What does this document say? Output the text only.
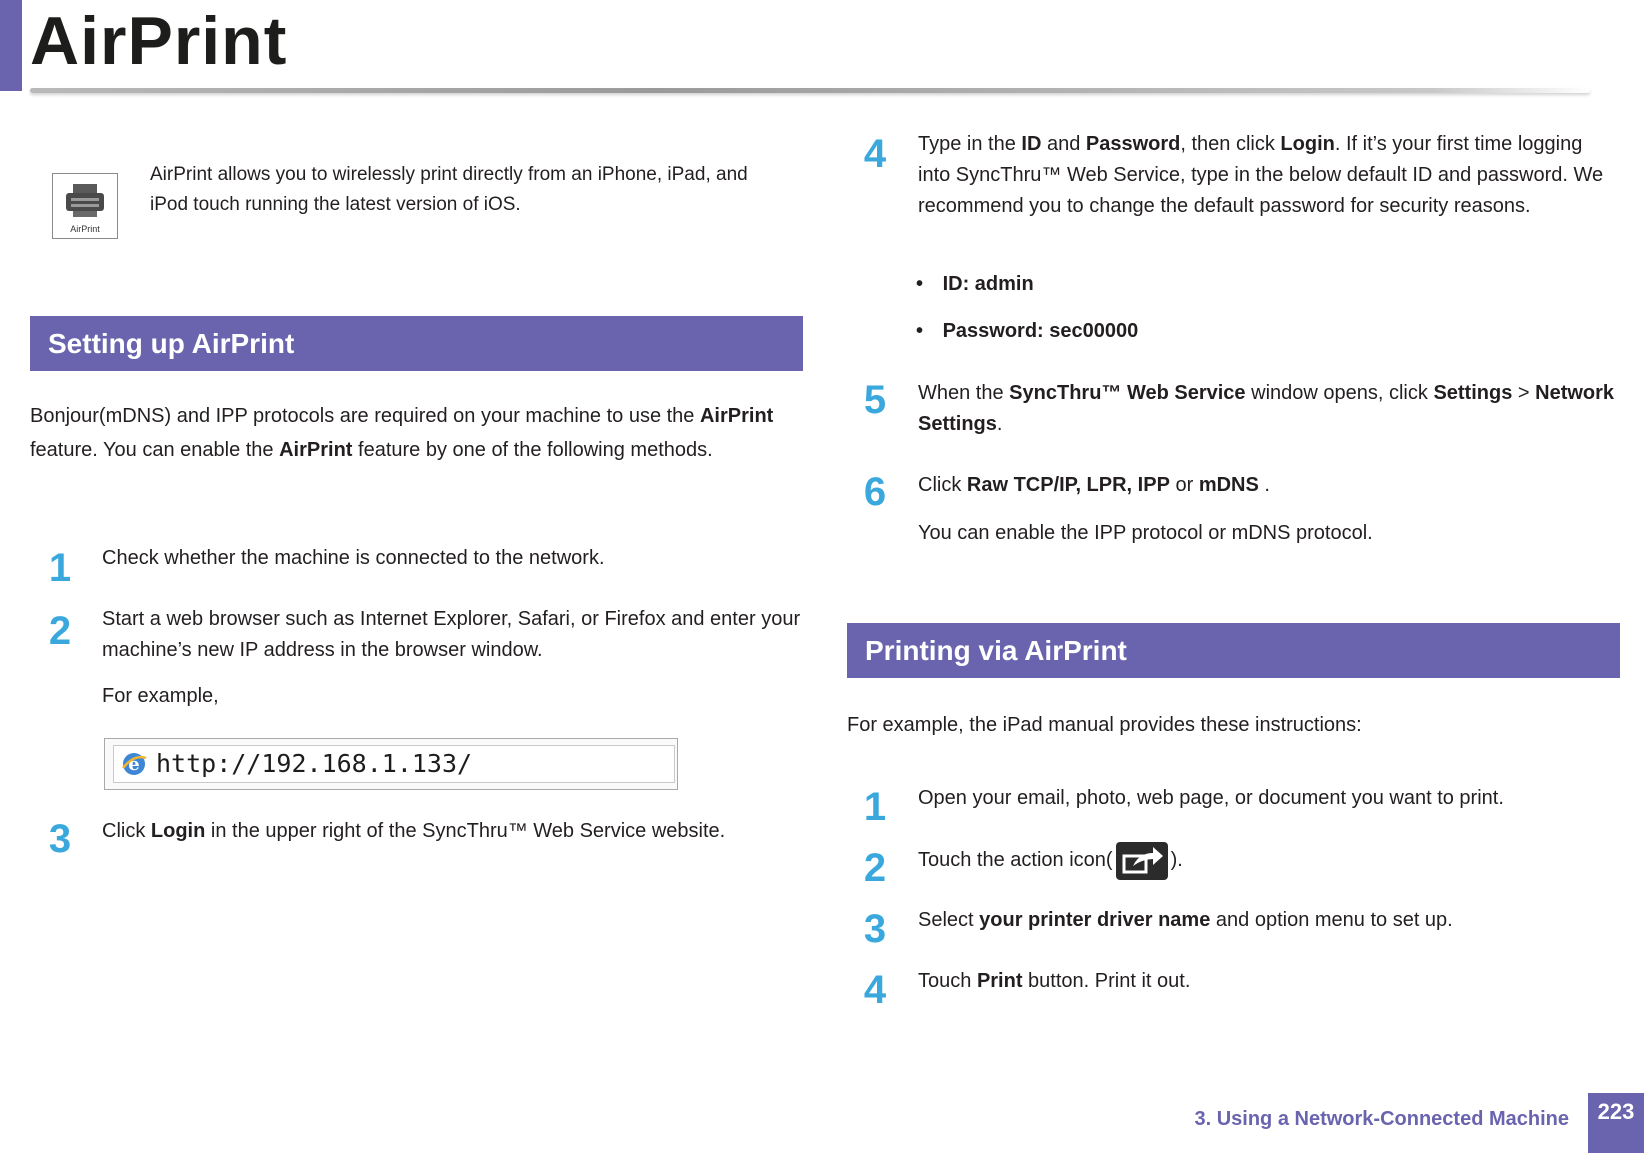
AirPrint
AirPrint
AirPrint allows you to wirelessly print directly from an iPhone, iPad, and iPod touch running the latest version of iOS.
Setting up AirPrint
Bonjour(mDNS) and IPP protocols are required on your machine to use the AirPrint feature. You can enable the AirPrint feature by one of the following methods.
1	Check whether the machine is connected to the network.
2	Start a web browser such as Internet Explorer, Safari, or Firefox and enter your machine’s new IP address in the browser window.
For example,
e http://192.168.1.133/
3	Click Login in the upper right of the SyncThru™ Web Service website.
4	Type in the ID and Password, then click Login. If it’s your first time logging into SyncThru™ Web Service, type in the below default ID and password. We recommend you to change the default password for security reasons.
• ID: admin
• Password: sec00000
5	When the SyncThru™ Web Service window opens, click Settings > Network Settings.
6	Click Raw TCP/IP, LPR, IPP or mDNS .
You can enable the IPP protocol or mDNS protocol.
Printing via AirPrint
For example, the iPad manual provides these instructions:
1	Open your email, photo, web page, or document you want to print.
2	Touch the action icon(	).
3	Select your printer driver name and option menu to set up.
4	Touch Print button. Print it out.
3. Using a Network-Connected Machine	223
